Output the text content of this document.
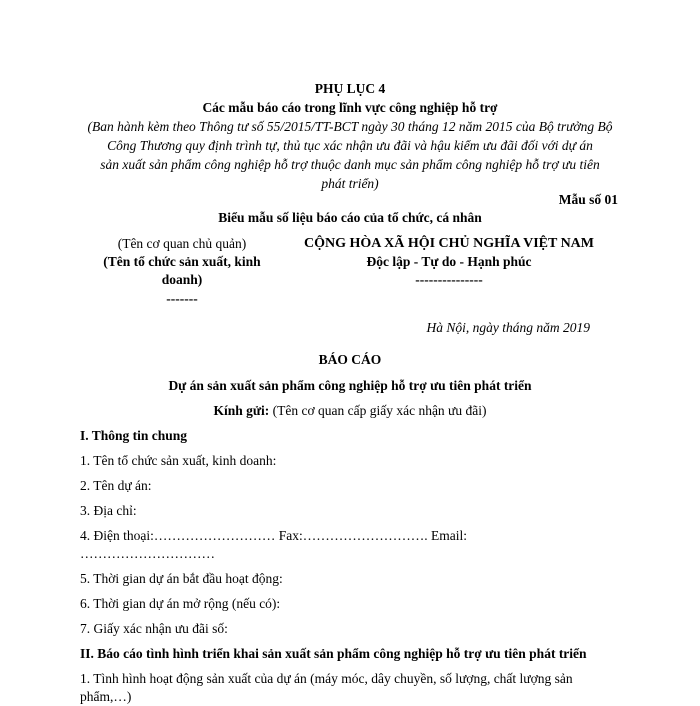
PHỤ LỤC 4
Các mẫu báo cáo trong lĩnh vực công nghiệp hỗ trợ
(Ban hành kèm theo Thông tư số 55/2015/TT-BCT ngày 30 tháng 12 năm 2015 của Bộ trưởng Bộ
Công Thương quy định trình tự, thủ tục xác nhận ưu đãi và hậu kiểm ưu đãi đối với dự án
sản xuất sản phẩm công nghiệp hỗ trợ thuộc danh mục sản phẩm công nghiệp hỗ trợ ưu tiên
phát triển)
Mẫu số 01
Biểu mẫu số liệu báo cáo của tổ chức, cá nhân
(Tên cơ quan chủ quản)
(Tên tổ chức sản xuất, kinh
doanh)
-------
CỘNG HÒA XÃ HỘI CHỦ NGHĨA VIỆT NAM
Độc lập - Tự do - Hạnh phúc
---------------
Hà Nội, ngày tháng năm 2019
BÁO CÁO
Dự án sản xuất sản phẩm công nghiệp hỗ trợ ưu tiên phát triển
Kính gửi: (Tên cơ quan cấp giấy xác nhận ưu đãi)
I. Thông tin chung
1. Tên tổ chức sản xuất, kinh doanh:
2. Tên dự án:
3. Địa chỉ:
4. Điện thoại:……………………… Fax:………………………. Email:
…………………………
5. Thời gian dự án bắt đầu hoạt động:
6. Thời gian dự án mở rộng (nếu có):
7. Giấy xác nhận ưu đãi số:
II. Báo cáo tình hình triển khai sản xuất sản phẩm công nghiệp hỗ trợ ưu tiên phát triển
1. Tình hình hoạt động sản xuất của dự án (máy móc, dây chuyền, số lượng, chất lượng sản
phẩm,…)
